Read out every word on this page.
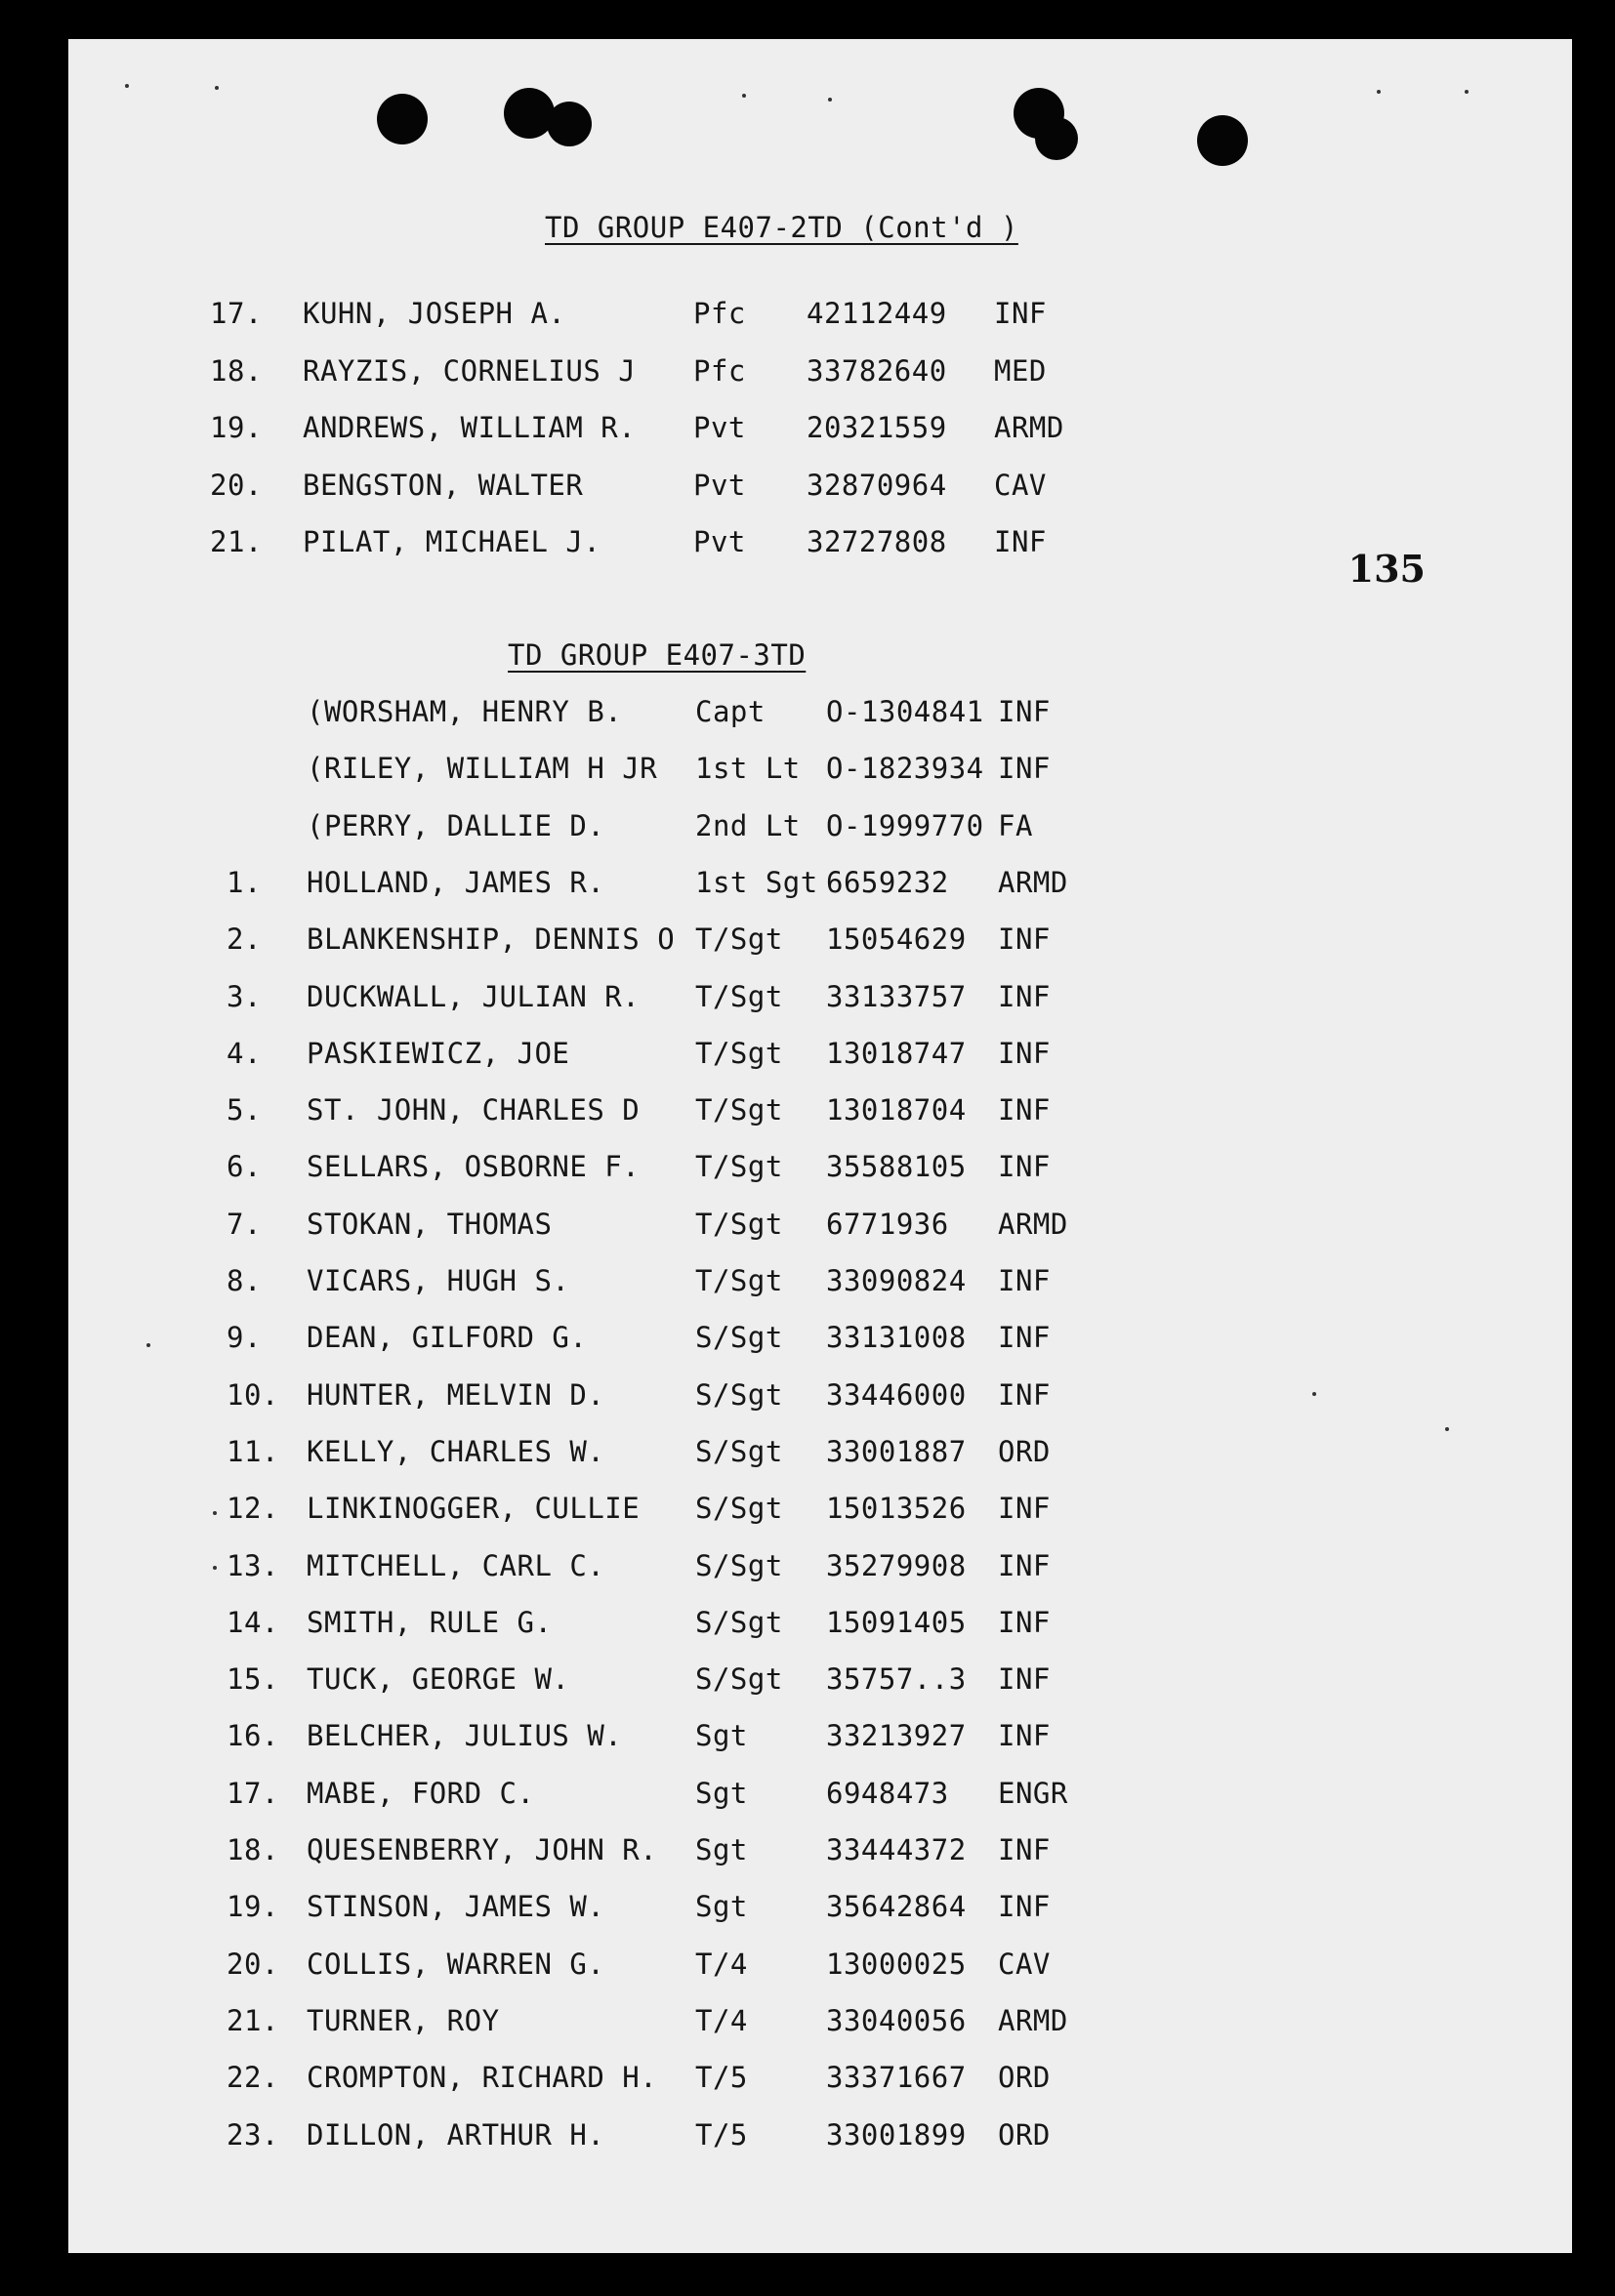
135
TD GROUP E407-2TD (Cont'd )
17. KUHN, JOSEPH A.	Pfc 42112449 INF
18. RAYZIS, CORNELIUS J Pfc 33782640 MED
19. ANDREWS, WILLIAM R. Pvt 20321559 ARMD
20. BENGSTON, WALTER	Pvt 32870964 CAV
21. PILAT, MICHAEL J.	Pvt 32727808 INF
TD GROUP E407-3TD
(WORSHAM, HENRY B.	Capt O-1304841 INF
(RILEY, WILLIAM H JR 1st Lt O-1823934 INF
(PERRY, DALLIE D.	2nd Lt O-1999770 FA
1. HOLLAND, JAMES R.	1st Sgt 6659232 ARMD
2. BLANKENSHIP, DENNIS O T/Sgt 15054629 INF
3. DUCKWALL, JULIAN R. T/Sgt 33133757 INF
4. PASKIEWICZ, JOE	T/Sgt 13018747 INF
5. ST. JOHN, CHARLES D T/Sgt 13018704 INF
6. SELLARS, OSBORNE F. T/Sgt 35588105 INF
7. STOKAN, THOMAS	T/Sgt 6771936 ARMD
8. VICARS, HUGH S.	T/Sgt 33090824 INF
9. DEAN, GILFORD G.	S/Sgt 33131008 INF
10. HUNTER, MELVIN D.	S/Sgt 33446000 INF
11. KELLY, CHARLES W.	S/Sgt 33001887 ORD
12. LINKINOGGER, CULLIE S/Sgt 15013526 INF
13. MITCHELL, CARL C.	S/Sgt 35279908 INF
14. SMITH, RULE G.	S/Sgt 15091405 INF
15. TUCK, GEORGE W.	S/Sgt 35757..3 INF
16. BELCHER, JULIUS W.	Sgt	33213927 INF
17. MABE, FORD C.	Sgt	6948473 ENGR
18. QUESENBERRY, JOHN R. Sgt	33444372 INF
19. STINSON, JAMES W.	Sgt	35642864 INF
20. COLLIS, WARREN G.	T/4	13000025 CAV
21. TURNER, ROY	T/4	33040056 ARMD
22. CROMPTON, RICHARD H. T/5	33371667 ORD
23. DILLON, ARTHUR H.	T/5	33001899 ORD
